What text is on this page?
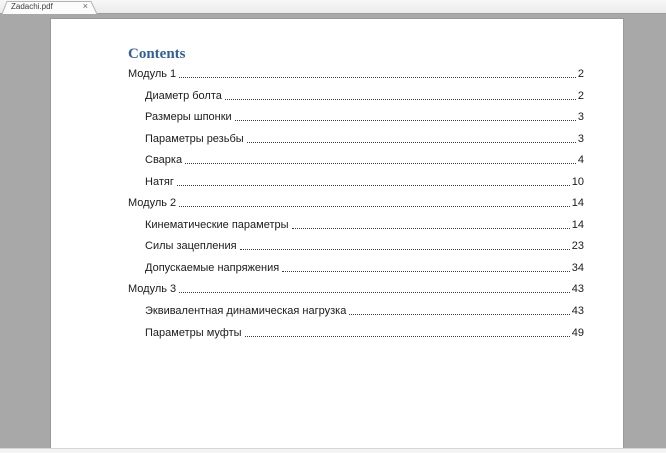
Zadachi.pdf	×
Contents
Модуль 1	2
Диаметр болта	2
Размеры шпонки	3
Параметры резьбы	3
Сварка	4
Натяг	10
Модуль 2	14
Кинематические параметры	14
Силы зацепления	23
Допускаемые напряжения	34
Модуль 3	43
Эквивалентная динамическая нагрузка	43
Параметры муфты	49
